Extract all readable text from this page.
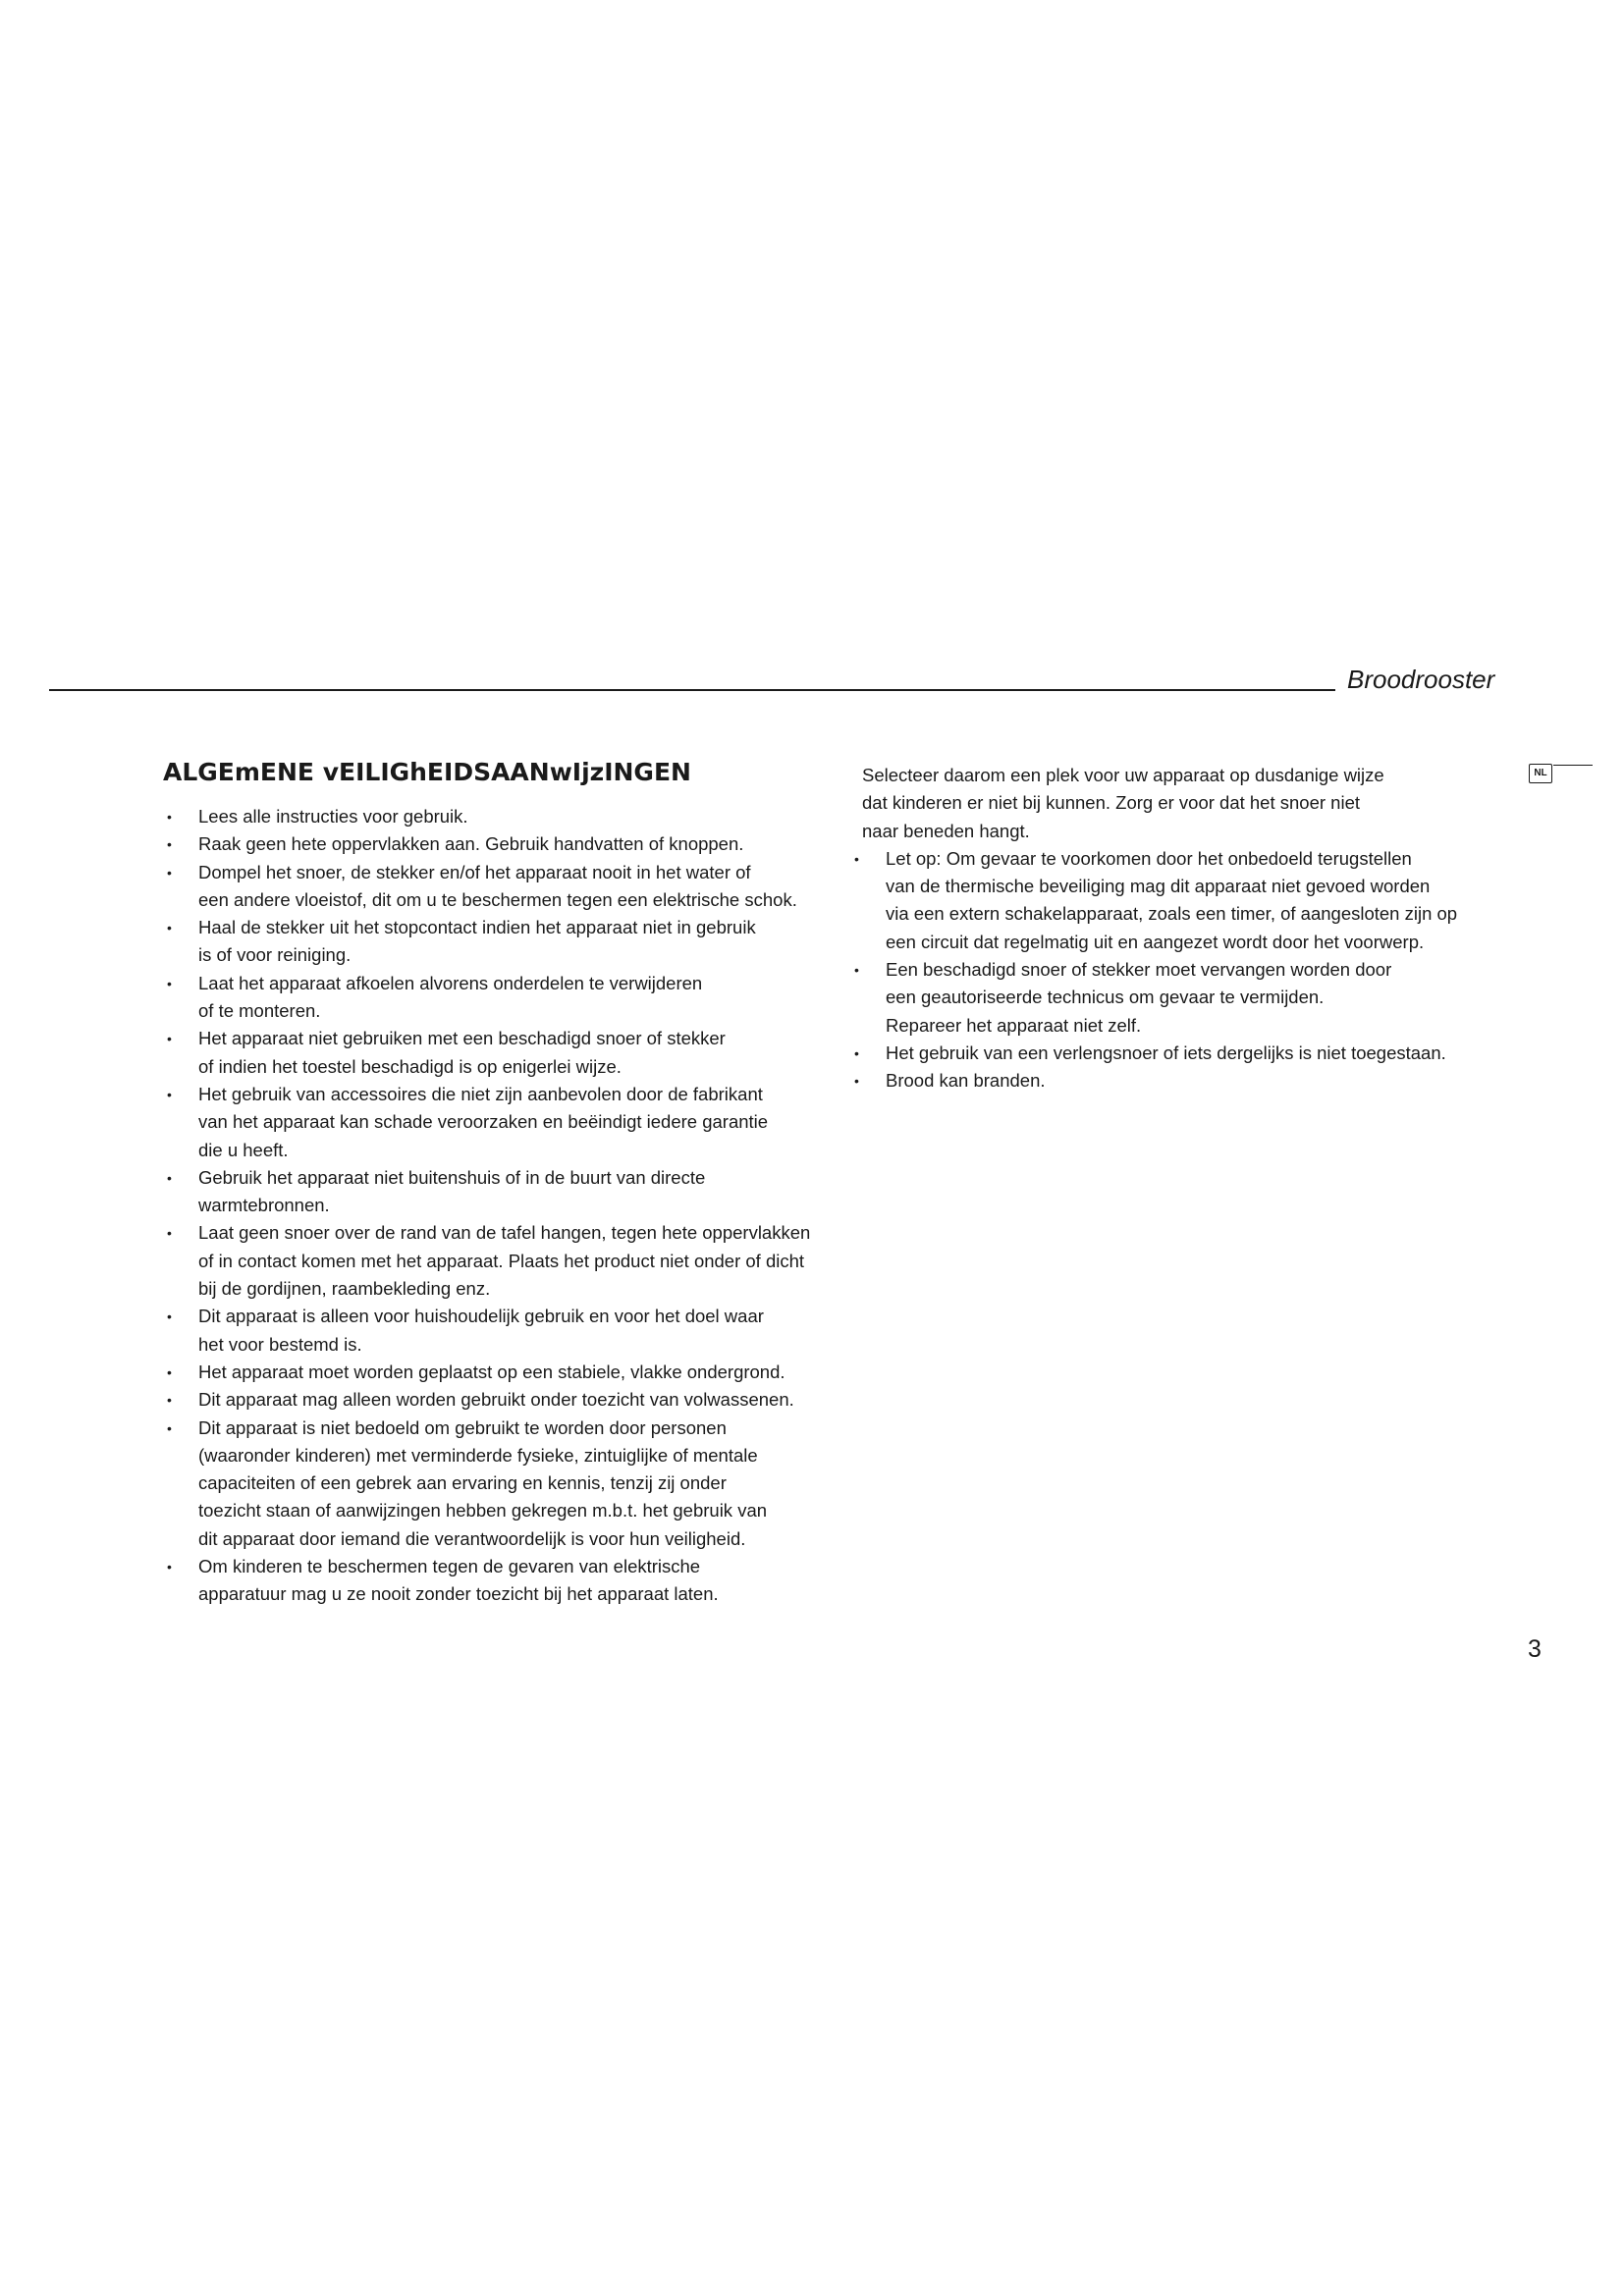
Broodrooster
NL
ALGEmENE vEILIGhEIDSAANwIjzINGEN
• Lees alle instructies voor gebruik.
• Raak geen hete oppervlakken aan. Gebruik handvatten of knoppen.
• Dompel het snoer, de stekker en/of het apparaat nooit in het water of
een andere vloeistof, dit om u te beschermen tegen een elektrische schok.
• Haal de stekker uit het stopcontact indien het apparaat niet in gebruik
is of voor reiniging.
• Laat het apparaat afkoelen alvorens onderdelen te verwijderen
of te monteren.
• Het apparaat niet gebruiken met een beschadigd snoer of stekker
of indien het toestel beschadigd is op enigerlei wijze.
• Het gebruik van accessoires die niet zijn aanbevolen door de fabrikant
van het apparaat kan schade veroorzaken en beëindigt iedere garantie
die u heeft.
• Gebruik het apparaat niet buitenshuis of in de buurt van directe
warmtebronnen.
• Laat geen snoer over de rand van de tafel hangen, tegen hete oppervlakken
of in contact komen met het apparaat. Plaats het product niet onder of dicht
bij de gordijnen, raambekleding enz.
• Dit apparaat is alleen voor huishoudelijk gebruik en voor het doel waar
het voor bestemd is.
• Het apparaat moet worden geplaatst op een stabiele, vlakke ondergrond.
• Dit apparaat mag alleen worden gebruikt onder toezicht van volwassenen.
• Dit apparaat is niet bedoeld om gebruikt te worden door personen
(waaronder kinderen) met verminderde fysieke, zintuiglijke of mentale
capaciteiten of een gebrek aan ervaring en kennis, tenzij zij onder
toezicht staan of aanwijzingen hebben gekregen m.b.t. het gebruik van
dit apparaat door iemand die verantwoordelijk is voor hun veiligheid.
• Om kinderen te beschermen tegen de gevaren van elektrische
apparatuur mag u ze nooit zonder toezicht bij het apparaat laten.
Selecteer daarom een plek voor uw apparaat op dusdanige wijze
dat kinderen er niet bij kunnen. Zorg er voor dat het snoer niet
naar beneden hangt.
• Let op: Om gevaar te voorkomen door het onbedoeld terugstellen
van de thermische beveiliging mag dit apparaat niet gevoed worden
via een extern schakelapparaat, zoals een timer, of aangesloten zijn op
een circuit dat regelmatig uit en aangezet wordt door het voorwerp.
• Een beschadigd snoer of stekker moet vervangen worden door
een geautoriseerde technicus om gevaar te vermijden.
Repareer het apparaat niet zelf.
• Het gebruik van een verlengsnoer of iets dergelijks is niet toegestaan.
• Brood kan branden.
3
